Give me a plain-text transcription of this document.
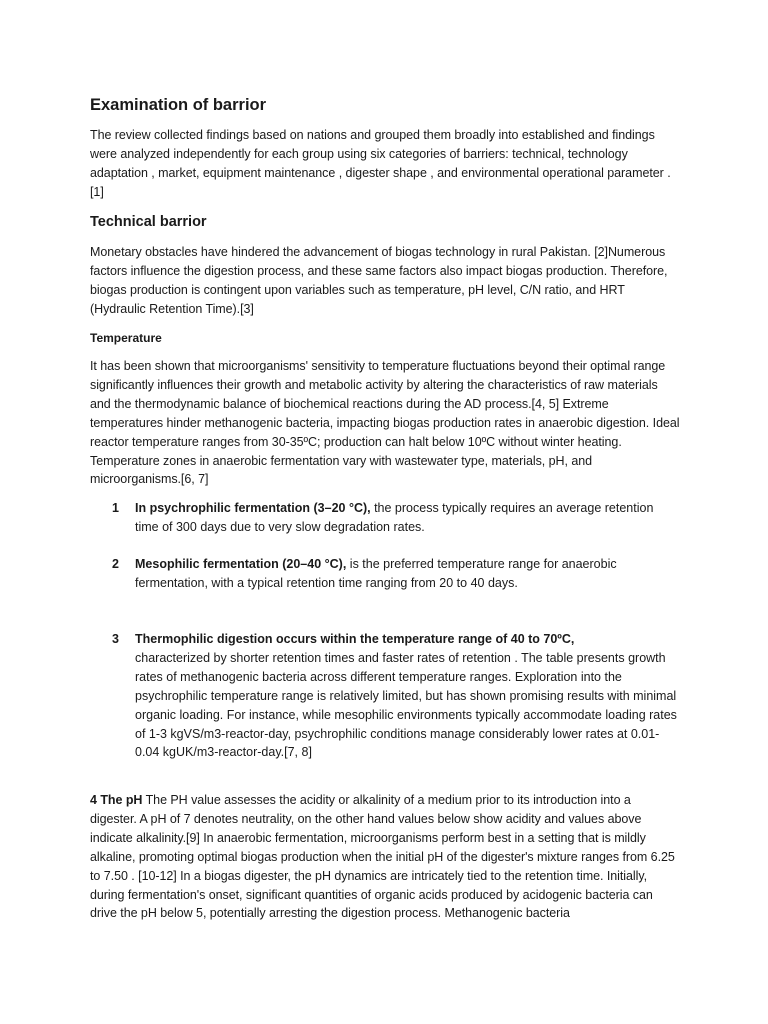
Examination of barrior

The review collected findings based on nations and grouped them broadly into established and findings were analyzed independently for each group using six categories of barriers: technical, technology adaptation , market, equipment maintenance , digester shape , and environmental operational parameter .[1]

Technical barrior

Monetary obstacles have hindered the advancement of biogas technology in rural Pakistan. [2]Numerous factors influence the digestion process, and these same factors also impact biogas production. Therefore, biogas production is contingent upon variables such as temperature, pH level, C/N ratio, and HRT (Hydraulic Retention Time).[3]

Temperature

It has been shown that microorganisms' sensitivity to temperature fluctuations beyond their optimal range significantly influences their growth and metabolic activity by altering the characteristics of raw materials and the thermodynamic balance of biochemical reactions during the AD process.[4, 5] Extreme temperatures hinder methanogenic bacteria, impacting biogas production rates in anaerobic digestion. Ideal reactor temperature ranges from 30-35ºC; production can halt below 10ºC without winter heating. Temperature zones in anaerobic fermentation vary with wastewater type, materials, pH, and microorganisms.[6, 7]

1 In psychrophilic fermentation (3–20 °C), the process typically requires an average retention time of 300 days due to very slow degradation rates.
2 Mesophilic fermentation (20–40 °C), is the preferred temperature range for anaerobic fermentation, with a typical retention time ranging from 20 to 40 days.
3 Thermophilic digestion occurs within the temperature range of 40 to 70ºC,
characterized by shorter retention times and faster rates of retention . The table presents growth rates of methanogenic bacteria across different temperature ranges. Exploration into the psychrophilic temperature range is relatively limited, but has shown promising results with minimal organic loading. For instance, while mesophilic environments typically accommodate loading rates of 1-3 kgVS/m3-reactor-day, psychrophilic conditions manage considerably lower rates at 0.01-0.04 kgUK/m3-reactor-day.[7, 8]

4 The pH The PH value assesses the acidity or alkalinity of a medium prior to its introduction into a digester. A pH of 7 denotes neutrality, on the other hand values below show acidity and values above indicate alkalinity.[9] In anaerobic fermentation, microorganisms perform best in a setting that is mildly alkaline, promoting optimal biogas production when the initial pH of the digester's mixture ranges from 6.25 to 7.50 . [10-12] In a biogas digester, the pH dynamics are intricately tied to the retention time. Initially, during fermentation's onset, significant quantities of organic acids produced by acidogenic bacteria can drive the pH below 5, potentially arresting the digestion process. Methanogenic bacteria
